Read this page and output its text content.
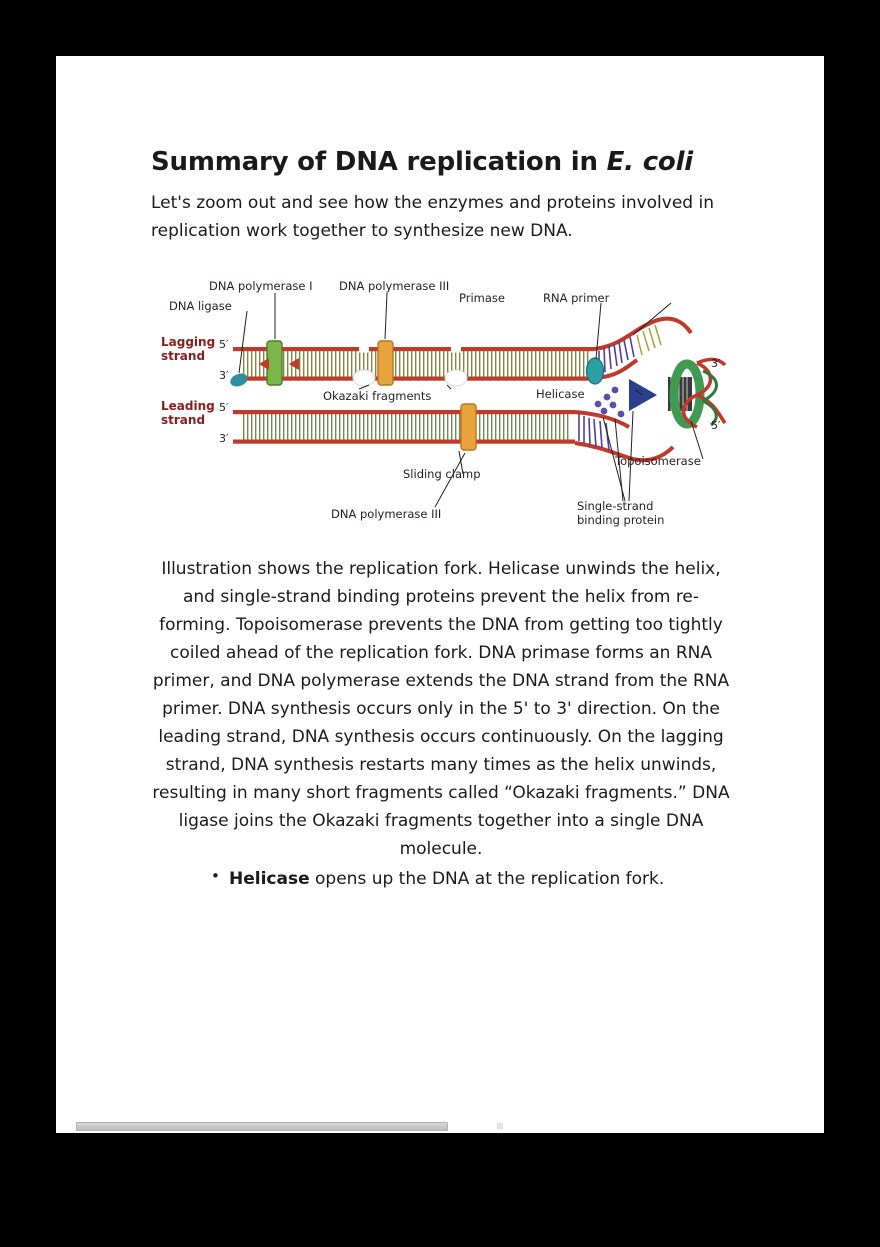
Summary of DNA replication in E. coli

Let's zoom out and see how the enzymes and proteins involved in replication work together to synthesize new DNA.

DNA polymerase I DNA polymerase III
DNA ligase
Primase	RNA primer
Lagging
strand
Leading
strand
5′
3′
5′
3′
3′
5′
Okazaki fragments	Helicase
Topoisomerase
Sliding clamp
DNA polymerase III
Single-strand
binding protein

Illustration shows the replication fork. Helicase unwinds the helix, and single-strand binding proteins prevent the helix from re-forming. Topoisomerase prevents the DNA from getting too tightly coiled ahead of the replication fork. DNA primase forms an RNA primer, and DNA polymerase extends the DNA strand from the RNA primer. DNA synthesis occurs only in the 5' to 3' direction. On the leading strand, DNA synthesis occurs continuously. On the lagging strand, DNA synthesis restarts many times as the helix unwinds, resulting in many short fragments called “Okazaki fragments.” DNA ligase joins the Okazaki fragments together into a single DNA molecule.

• Helicase opens up the DNA at the replication fork.
|||
